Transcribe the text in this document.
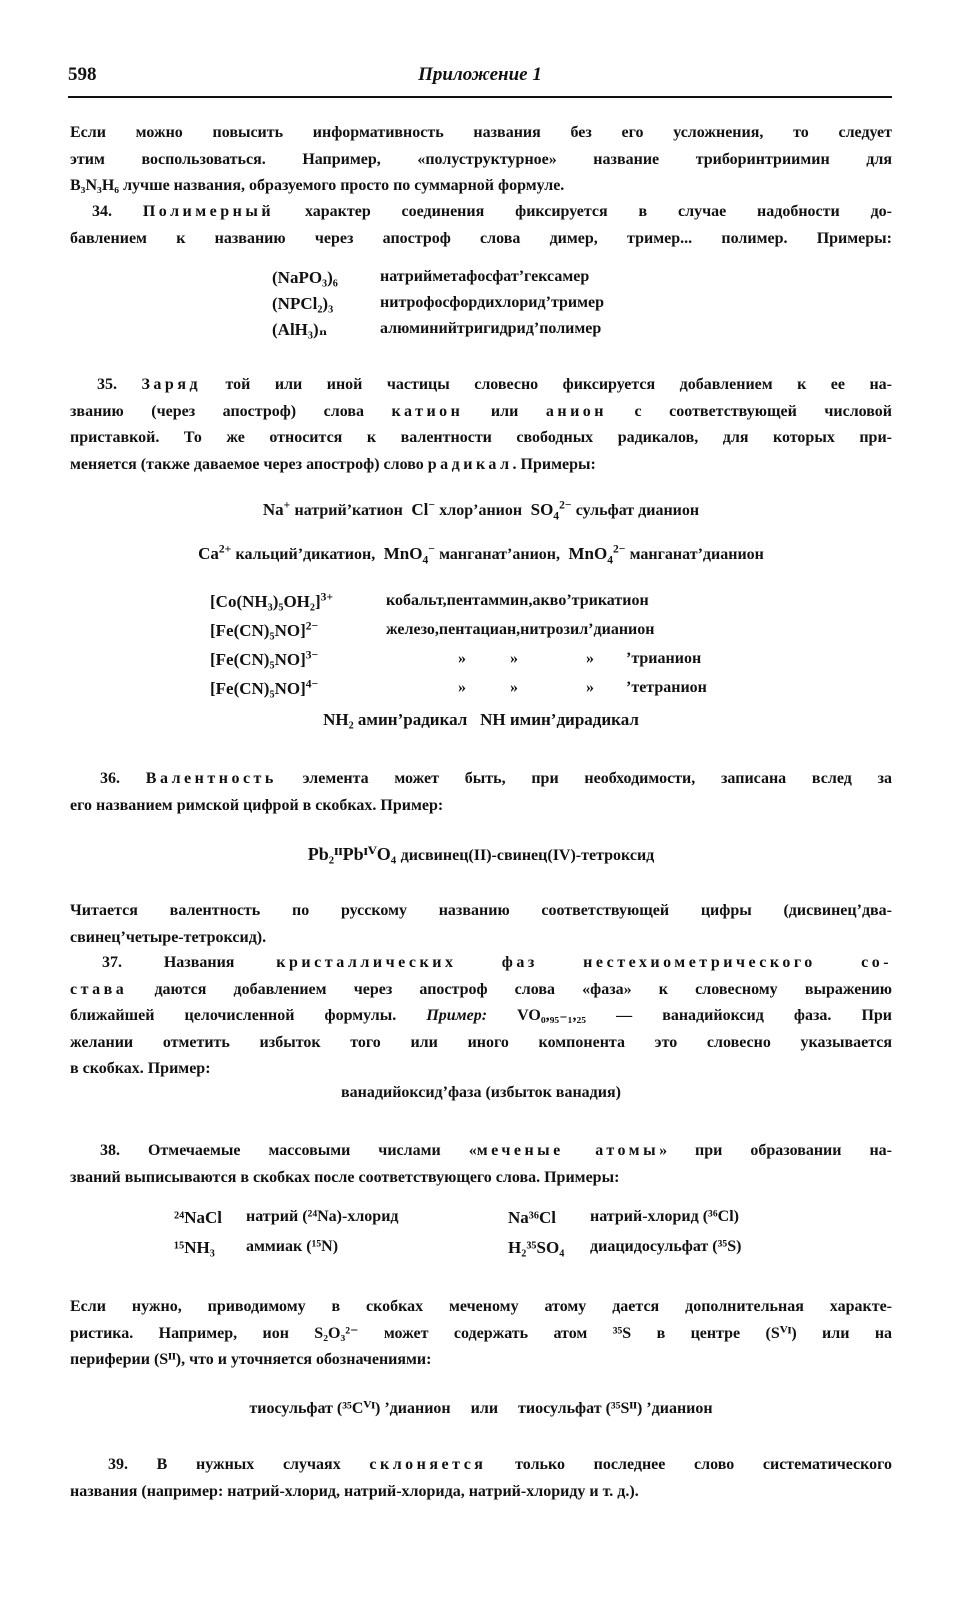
598	Приложение 1
Если можно повысить информативность названия без его усложнения, то следует
этим воспользоваться. Например, «полуструктурное» название триборинтриимин для
B₃N₃H₆ лучше названия, образуемого просто по суммарной формуле.
34. Полимерный характер соединения фиксируется в случае надобности до-
бавлением к названию через апостроф слова димер, тример... полимер. Примеры:
(NaPO₃)₆	натрийметафосфат’гексамер
(NPCl₂)₃	нитрофосфордихлорид’тример
(AlH₃)ₙ	алюминийтригидрид’полимер
35. Заряд той или иной частицы словесно фиксируется добавлением к ее на-
званию (через апостроф) слова катион или анион с соответствующей числовой
приставкой. То же относится к валентности свободных радикалов, для которых при-
меняется (также даваемое через апостроф) слово радикал. Примеры:
Na+ натрий’катион Cl− хлор’анион $SO_4^{2-}$ сульфат дианион
$Ca^{2+}$ кальций’дикатион, MnO$_4$− манганат’анион, MnO$_4^{2-}$ манганат’дианион
$[Co(NH_3)_5OH_2]^{3+}$	кобальт,пентаммин,аквo’трикатион
$[Fe(CN)_5NO]^{2-}$	железо,пентациан,нитрозил’дианион
$[Fe(CN)_5NO]^{3-}$	»	»	» ’трианион
$[Fe(CN)_5NO]^{4-}$	»	»	» ’тетранион
NH₂ амин’радикал   NH имин’дирадикал
36. Валентность элемента может быть, при необходимости, записана вслед за
его названием римской цифрой в скобках. Пример:
Pb₂ᴵᴵPbᴵⱽO₄ дисвинец(II)-свинец(IV)-тетроксид
Читается валентность по русскому названию соответствующей цифры (дисвинец’два-
свинец’четыре-тетроксид).
37.	Названия	кристаллических фаз нестехиометрического со-
става даются добавлением через апостроф слова «фаза» к словесному выражению
ближайшей целочисленной формулы. Пример: VO₀,₉₅₋₁,₂₅ — ванадийоксид фаза. При
желании отметить избыток того или иного компонента это словесно указывается
в скобках. Пример:
ванадийоксид’фаза (избыток ванадия)
38. Отмечаемые массовыми числами «меченые атомы» при образовании на-
званий выписываются в скобках после соответствующего слова. Примеры:
²⁴NaCl натрий (²⁴Na)-хлорид	Na³⁶Cl натрий-хлорид (³⁶Cl)
¹⁵NH₃ аммиак (¹⁵N)	H₂³⁵SO₄ диацидосульфат (³⁵S)
Если нужно, приводимому в скобках меченому атому дается дополнительная характе-
ристика. Например, ион S₂O₃²⁻ может содержать атом ³⁵S в центре (Sⱽᴵ) или на
периферии (Sᴵᴵ), что и уточняется обозначениями:
тиосульфат (³⁵Cⱽᴵ) ’дианион или тиосульфат (³⁵Sᴵᴵ) ’дианион
39. В нужных случаях склоняется только последнее слово систематического
названия (например: натрий-хлорид, натрий-хлорида, натрий-хлориду и т. д.).
